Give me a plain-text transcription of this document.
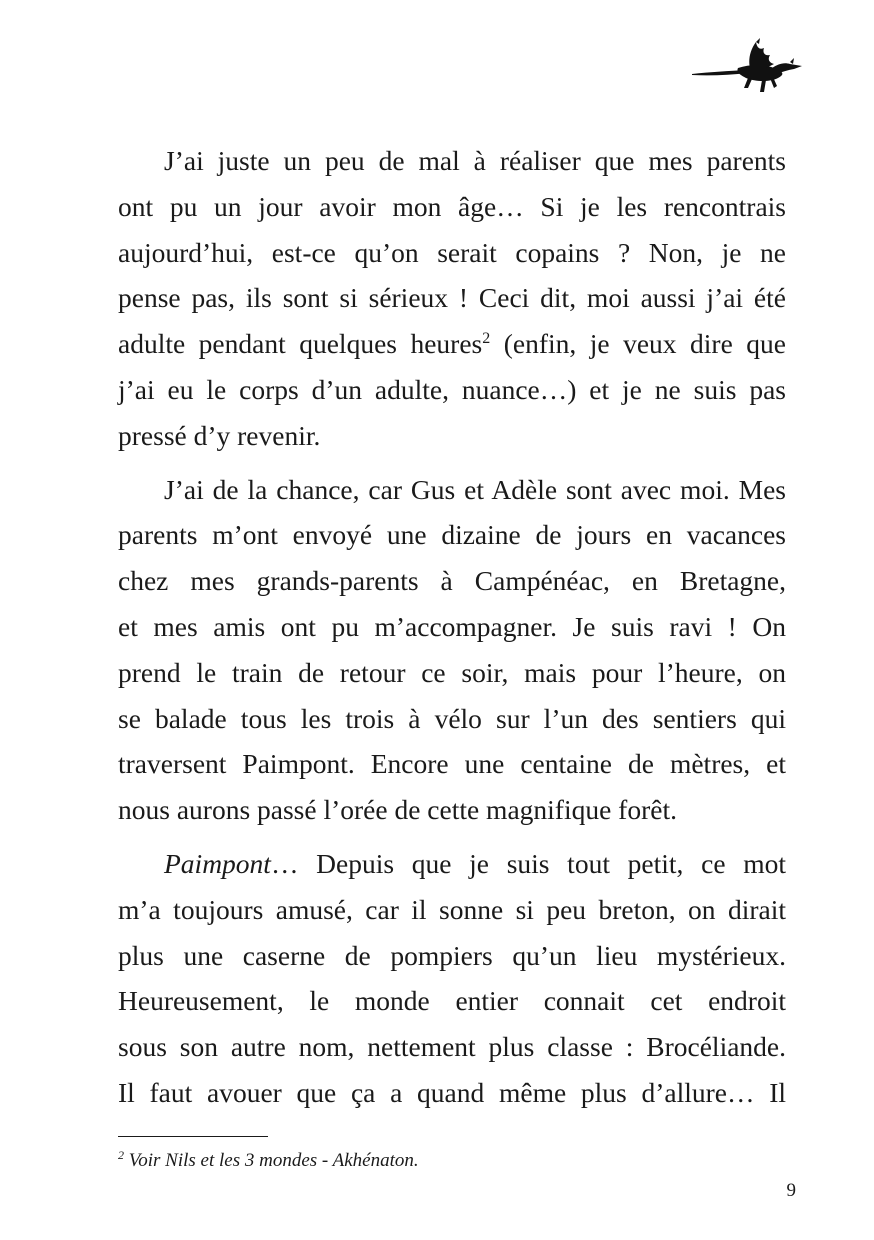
J’ai juste un peu de mal à réaliser que mes parents
ont pu un jour avoir mon âge… Si je les rencontrais
aujourd’hui, est-ce qu’on serait copains ? Non, je ne
pense pas, ils sont si sérieux ! Ceci dit, moi aussi j’ai été
adulte pendant quelques heures$^2$ (enfin, je veux dire que
j’ai eu le corps d’un adulte, nuance…) et je ne suis pas
pressé d’y revenir.

J’ai de la chance, car Gus et Adèle sont avec moi. Mes
parents m’ont envoyé une dizaine de jours en vacances
chez mes grands-parents à Campénéac, en Bretagne,
et mes amis ont pu m’accompagner. Je suis ravi ! On
prend le train de retour ce soir, mais pour l’heure, on
se balade tous les trois à vélo sur l’un des sentiers qui
traversent Paimpont. Encore une centaine de mètres, et
nous aurons passé l’orée de cette magnifique forêt.

Paimpont… Depuis que je suis tout petit, ce mot
m’a toujours amusé, car il sonne si peu breton, on dirait
plus une caserne de pompiers qu’un lieu mystérieux.
Heureusement, le monde entier connait cet endroit
sous son autre nom, nettement plus classe : Brocéliande.
Il faut avouer que ça a quand même plus d’allure… Il

$^2$ Voir Nils et les 3 mondes - Akhénaton.
9
